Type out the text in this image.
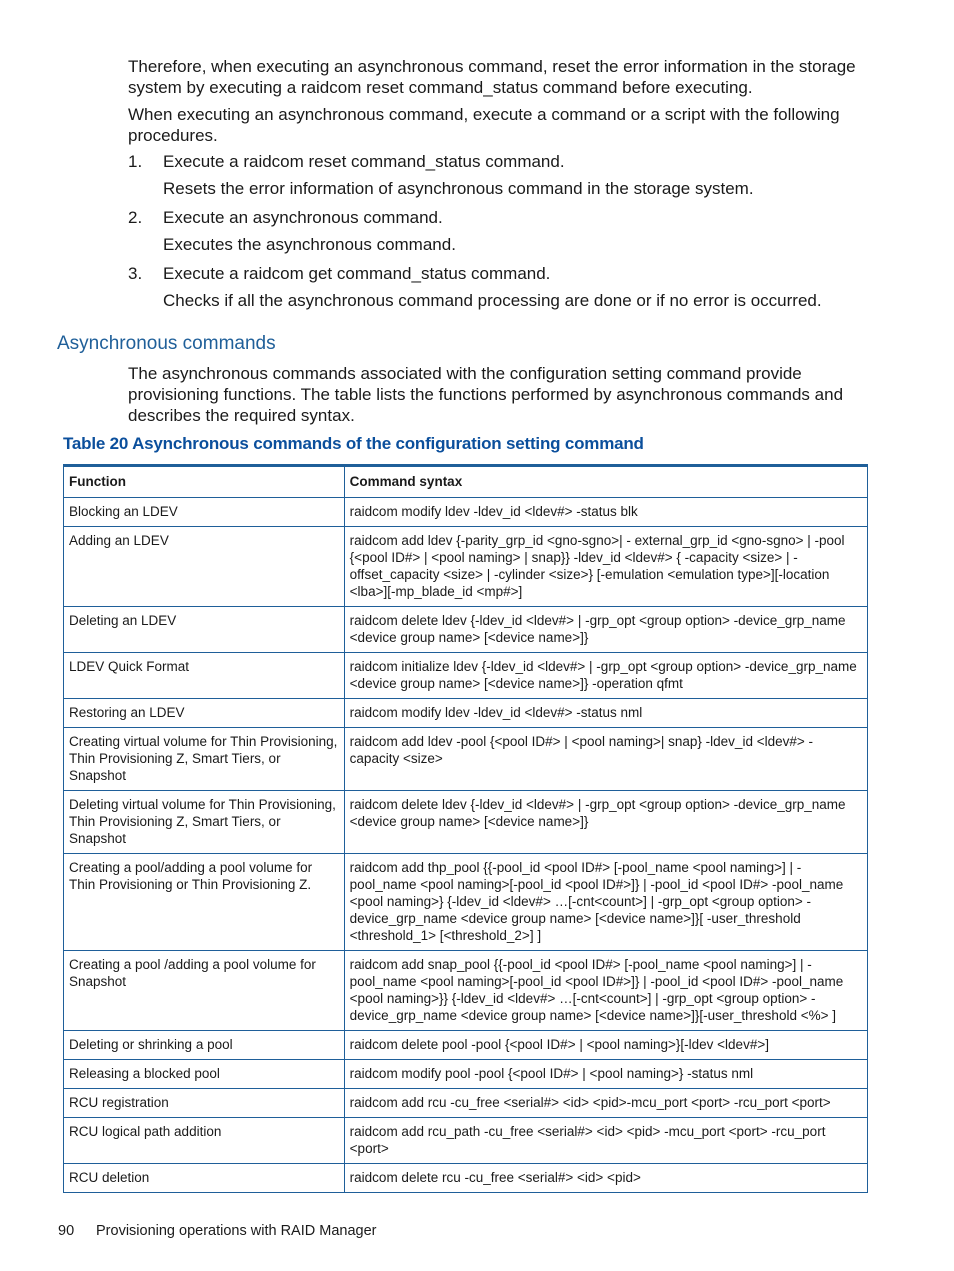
Therefore, when executing an asynchronous command, reset the error information in the storage system by executing a raidcom reset command_status command before executing.

When executing an asynchronous command, execute a command or a script with the following procedures.

1. Execute a raidcom reset command_status command.
Resets the error information of asynchronous command in the storage system.
2. Execute an asynchronous command.
Executes the asynchronous command.
3. Execute a raidcom get command_status command.
Checks if all the asynchronous command processing are done or if no error is occurred.
Asynchronous commands

The asynchronous commands associated with the configuration setting command provide provisioning functions. The table lists the functions performed by asynchronous commands and describes the required syntax.

Table 20 Asynchronous commands of the configuration setting command
Function	Command syntax
Blocking an LDEV	raidcom modify ldev -ldev_id <ldev#> -status blk
Adding an LDEV	raidcom add ldev {-parity_grp_id <gno-sgno>| - external_grp_id <gno-sgno> | -pool {<pool ID#> | <pool naming> | snap}} -ldev_id <ldev#> { -capacity <size> | -offset_capacity <size> | -cylinder <size>} [-emulation <emulation type>][-location <lba>][-mp_blade_id <mp#>]
Deleting an LDEV	raidcom delete ldev {-ldev_id <ldev#> | -grp_opt <group option> -device_grp_name <device group name> [<device name>]}
LDEV Quick Format	raidcom initialize ldev {-ldev_id <ldev#> | -grp_opt <group option> -device_grp_name <device group name> [<device name>]} -operation qfmt
Restoring an LDEV	raidcom modify ldev -ldev_id <ldev#> -status nml
Creating virtual volume for Thin Provisioning, Thin Provisioning Z, Smart Tiers, or Snapshot	raidcom add ldev -pool {<pool ID#> | <pool naming>| snap} -ldev_id <ldev#> -capacity <size>
Deleting virtual volume for Thin Provisioning, Thin Provisioning Z, Smart Tiers, or Snapshot	raidcom delete ldev {-ldev_id <ldev#> | -grp_opt <group option> -device_grp_name <device group name> [<device name>]}
Creating a pool/adding a pool volume for Thin Provisioning or Thin Provisioning Z.	raidcom add thp_pool {{-pool_id <pool ID#> [-pool_name <pool naming>] | -pool_name <pool naming>[-pool_id <pool ID#>]} | -pool_id <pool ID#> -pool_name <pool naming>} {-ldev_id <ldev#> …[-cnt<count>] | -grp_opt <group option> -device_grp_name <device group name> [<device name>]}[ -user_threshold <threshold_1> [<threshold_2>] ]
Creating a pool /adding a pool volume for Snapshot	raidcom add snap_pool {{-pool_id <pool ID#> [-pool_name <pool naming>] | -pool_name <pool naming>[-pool_id <pool ID#>]} | -pool_id <pool ID#> -pool_name <pool naming>}} {-ldev_id <ldev#> …[-cnt<count>] | -grp_opt <group option> -device_grp_name <device group name> [<device name>]}[-user_threshold <%> ]
Deleting or shrinking a pool	raidcom delete pool -pool {<pool ID#> | <pool naming>}[-ldev <ldev#>]
Releasing a blocked pool	raidcom modify pool -pool {<pool ID#> | <pool naming>} -status nml
RCU registration	raidcom add rcu -cu_free <serial#> <id> <pid>-mcu_port <port> -rcu_port <port>
RCU logical path addition	raidcom add rcu_path -cu_free <serial#> <id> <pid> -mcu_port <port> -rcu_port <port>
RCU deletion	raidcom delete rcu -cu_free <serial#> <id> <pid>
90 Provisioning operations with RAID Manager
